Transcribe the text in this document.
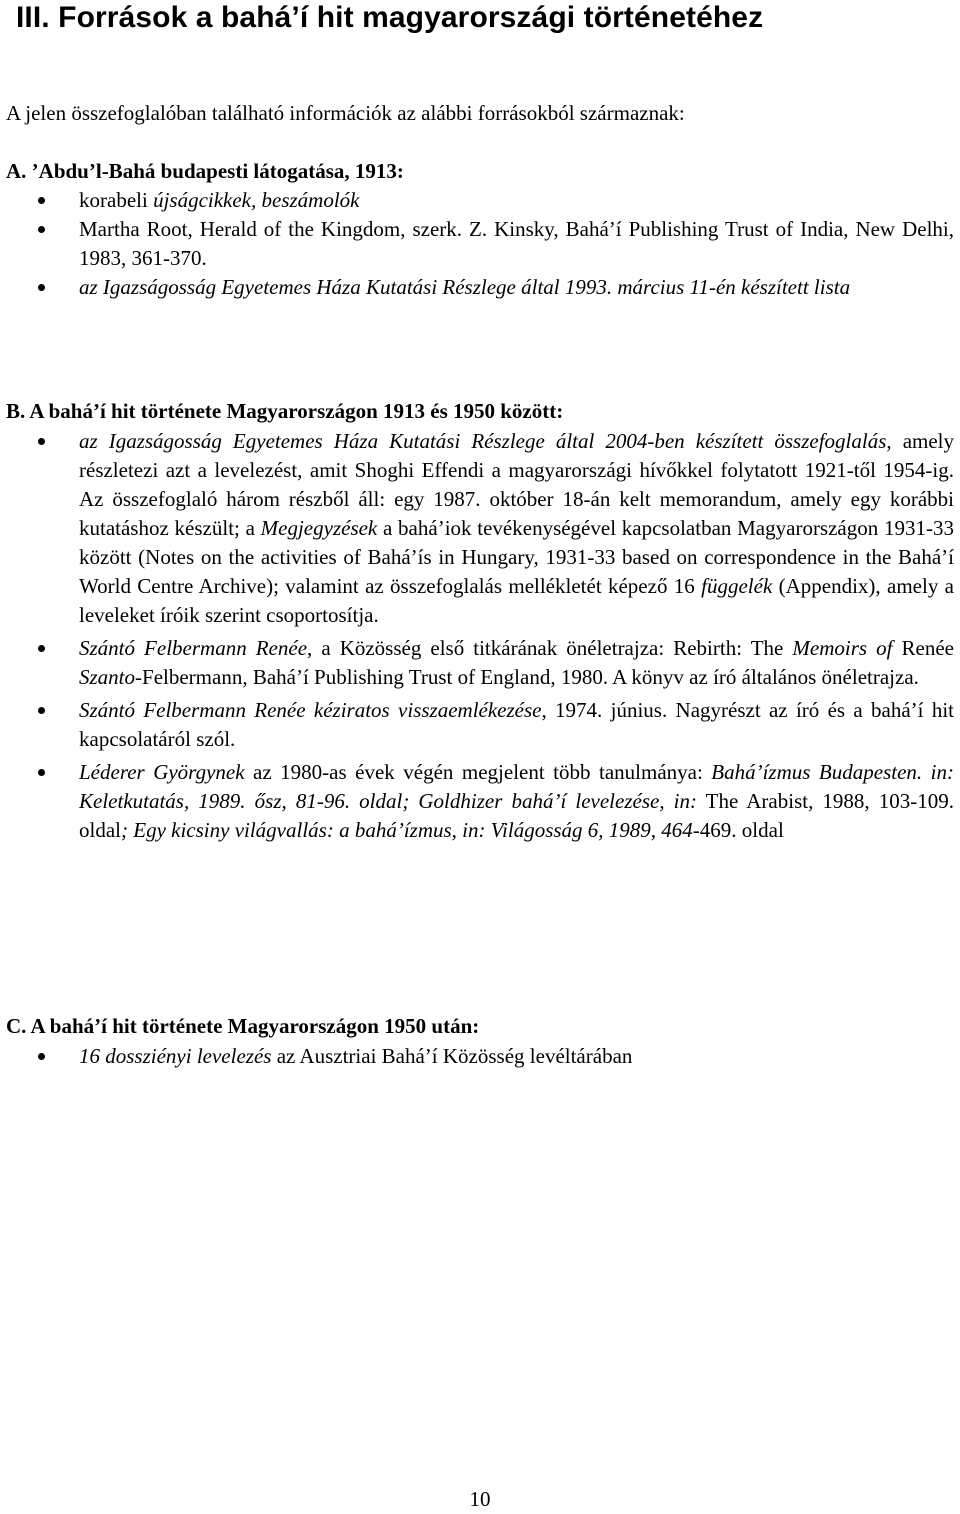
III. Források a bahá’í hit magyarországi történetéhez

A jelen összefoglalóban található információk az alábbi forrásokból származnak:

A. ’Abdu’l-Bahá budapesti látogatása, 1913:

korabeli újságcikkek, beszámolók
Martha Root, Herald of the Kingdom, szerk. Z. Kinsky, Bahá’í Publishing Trust of India, New Delhi, 1983, 361-370.
az Igazságosság Egyetemes Háza Kutatási Részlege által 1993. március 11-én készített lista

B. A bahá’í hit története Magyarországon 1913 és 1950 között:

az Igazságosság Egyetemes Háza Kutatási Részlege által 2004-ben készített összefoglalás, amely részletezi azt a levelezést, amit Shoghi Effendi a magyarországi hívőkkel folytatott 1921-től 1954-ig. Az összefoglaló három részből áll: egy 1987. október 18-án kelt memorandum, amely egy korábbi kutatáshoz készült; a Megjegyzések a bahá’iok tevékenységével kapcsolatban Magyarországon 1931-33 között (Notes on the activities of Bahá’ís in Hungary, 1931-33 based on correspondence in the Bahá’í World Centre Archive); valamint az összefoglalás mellékletét képező 16 függelék (Appendix), amely a leveleket íróik szerint csoportosítja.
Szántó Felbermann Renée, a Közösség első titkárának önéletrajza: Rebirth: The Memoirs of Renée Szanto-Felbermann, Bahá’í Publishing Trust of England, 1980. A könyv az író általános önéletrajza.
Szántó Felbermann Renée kéziratos visszaemlékezése, 1974. június. Nagyrészt az író és a bahá’í hit kapcsolatáról szól.
Léderer Györgynek az 1980-as évek végén megjelent több tanulmánya: Bahá’ízmus Budapesten. in: Keletkutatás, 1989. ősz, 81-96. oldal; Goldhizer bahá’í levelezése, in: The Arabist, 1988, 103-109. oldal; Egy kicsiny világvallás: a bahá’ízmus, in: Világosság 6, 1989, 464-469. oldal

C. A bahá’í hit története Magyarországon 1950 után:

16 dossziényi levelezés az Ausztriai Bahá’í Közösség levéltárában

10
